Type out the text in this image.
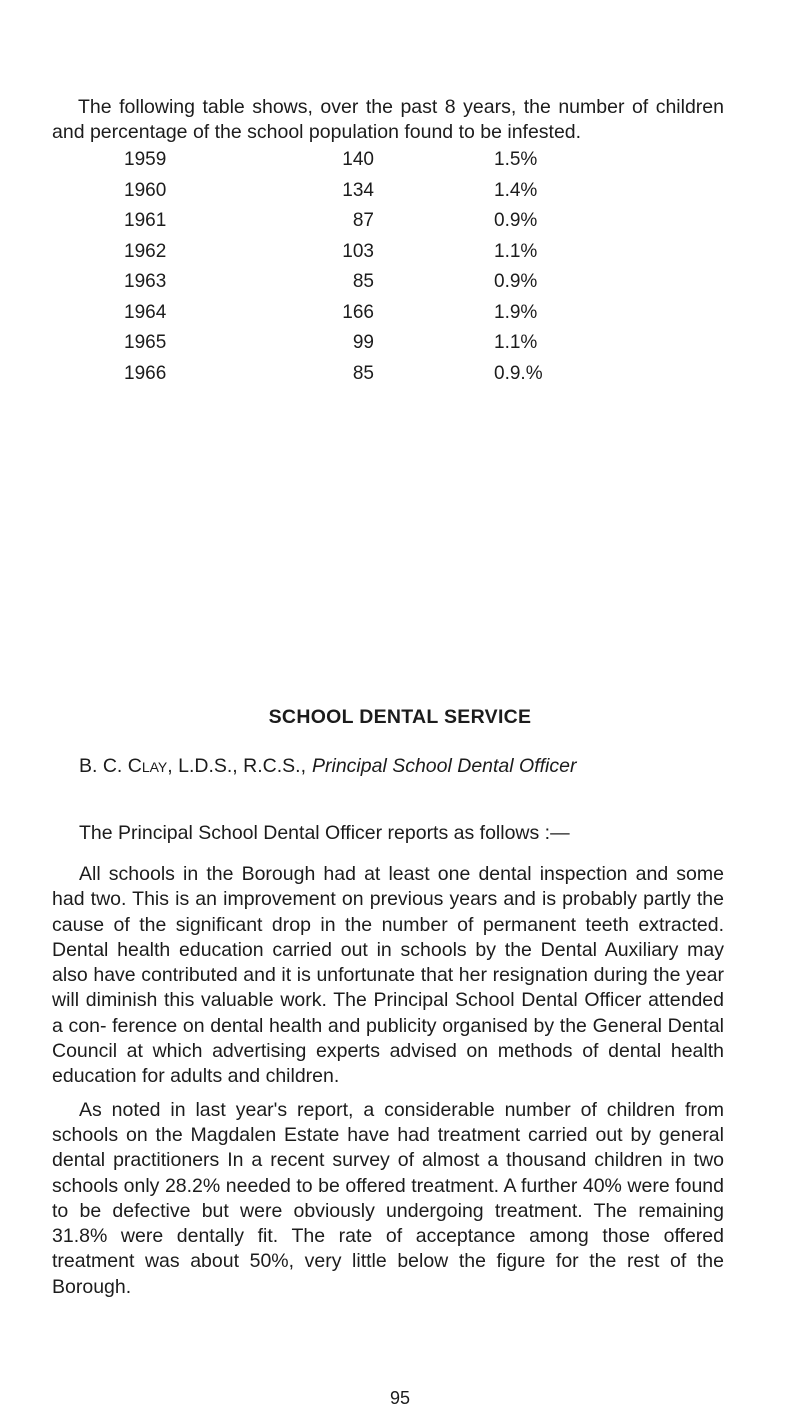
The following table shows, over the past 8 years, the number of children and percentage of the school population found to be infested.

1959	140	1.5%
1960	134	1.4%
1961	87	0.9%
1962	103	1.1%
1963	85	0.9%
1964	166	1.9%
1965	99	1.1%
1966	85	0.9.%
SCHOOL DENTAL SERVICE

B. C. Clay, L.D.S., R.C.S., Principal School Dental Officer

The Principal School Dental Officer reports as follows :—

All schools in the Borough had at least one dental inspection and some had two. This is an improvement on previous years and is probably partly the cause of the significant drop in the number of permanent teeth extracted. Dental health education carried out in schools by the Dental Auxiliary may also have contributed and it is unfortunate that her resignation during the year will diminish this valuable work. The Principal School Dental Officer attended a con- ference on dental health and publicity organised by the General Dental Council at which advertising experts advised on methods of dental health education for adults and children.

As noted in last year's report, a considerable number of children from schools on the Magdalen Estate have had treatment carried out by general dental practitioners In a recent survey of almost a thousand children in two schools only 28.2% needed to be offered treatment. A further 40% were found to be defective but were obviously undergoing treatment. The remaining 31.8% were dentally fit. The rate of acceptance among those offered treatment was about 50%, very little below the figure for the rest of the Borough.

95
